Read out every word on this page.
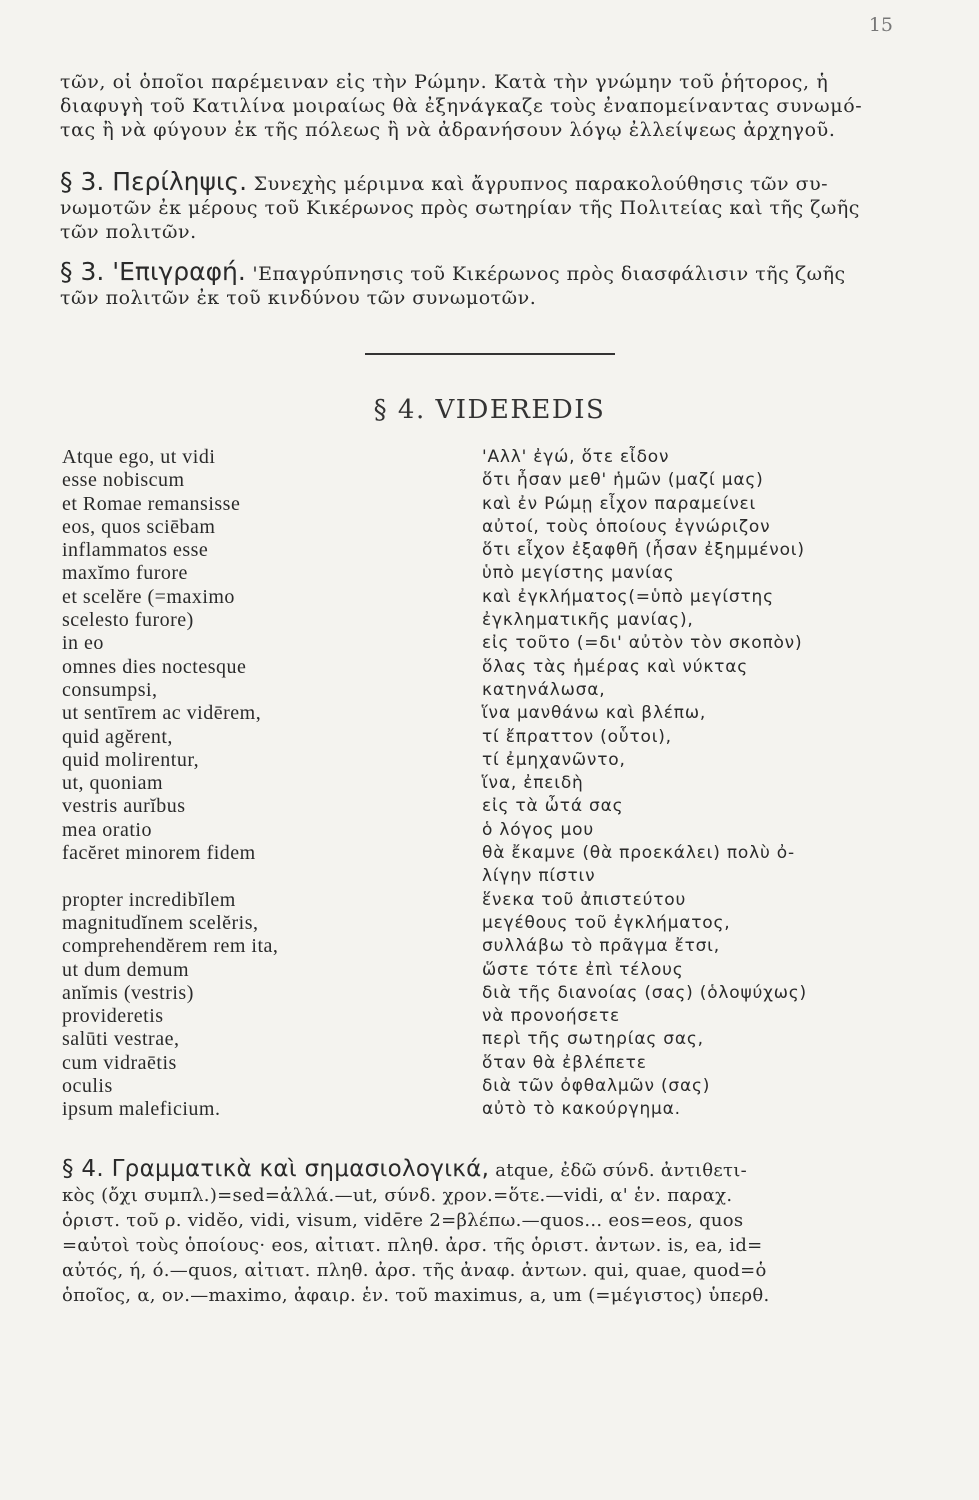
15
τῶν, οἱ ὁποῖοι παρέμειναν εἰς τὴν Ρώμην. Κατὰ τὴν γνώμην τοῦ ῥήτορος, ἡ
διαφυγὴ τοῦ Κατιλίνα μοιραίως θὰ ἐξηνάγκαζε τοὺς ἐναπομείναντας συνωμό-
τας ἢ νὰ φύγουν ἐκ τῆς πόλεως ἢ νὰ ἀδρανήσουν λόγῳ ἐλλείψεως ἀρχηγοῦ.
§ 3. Περίληψις. Συνεχὴς μέριμνα καὶ ἄγρυπνος παρακολούθησις τῶν συ-
νωμοτῶν ἐκ μέρους τοῦ Κικέρωνος πρὸς σωτηρίαν τῆς Πολιτείας καὶ τῆς ζωῆς
τῶν πολιτῶν.
§ 3. 'Επιγραφή. 'Επαγρύπνησις τοῦ Κικέρωνος πρὸς διασφάλισιν τῆς ζωῆς
τῶν πολιτῶν ἐκ τοῦ κινδύνου τῶν συνωμοτῶν.
§ 4. VIDEREDIS
Atque ego, ut vidi
esse nobiscum
et Romae remansisse
eos, quos sciēbam
inflammatos esse
maxĭmo furore
et scelĕre (=maximo
scelesto furore)
in eo
omnes dies noctesque
consumpsi,
ut sentīrem ac vidērem,
quid agĕrent,
quid molirentur,
ut, quoniam
vestris aurĭbus
mea oratio
facĕret minorem fidem
propter incredibĭlem
magnitudĭnem scelĕris,
comprehendĕrem rem ita,
ut dum demum
anĭmis (vestris)
provideretis
salūti vestrae,
cum vidraētis
oculis
ipsum maleficium.
'Αλλ' ἐγώ, ὅτε εἶδον
ὅτι ἦσαν μεθ' ἡμῶν (μαζί μας)
καὶ ἐν Ρώμῃ εἶχον παραμείνει
αὐτοί, τοὺς ὁποίους ἐγνώριζον
ὅτι εἶχον ἐξαφθῆ (ἦσαν ἐξημμένοι)
ὑπὸ μεγίστης μανίας
καὶ ἐγκλήματος(=ὑπὸ μεγίστης
ἐγκληματικῆς μανίας),
εἰς τοῦτο (=δι' αὐτὸν τὸν σκοπὸν)
ὅλας τὰς ἡμέρας καὶ νύκτας
κατηνάλωσα,
ἵνα μανθάνω καὶ βλέπω,
τί ἔπραττον (οὗτοι),
τί ἐμηχανῶντο,
ἵνα, ἐπειδὴ
εἰς τὰ ὦτά σας
ὁ λόγος μου
θὰ ἔκαμνε (θὰ προεκάλει) πολὺ ὀ-
λίγην πίστιν
ἕνεκα τοῦ ἀπιστεύτου
μεγέθους τοῦ ἐγκλήματος,
συλλάβω τὸ πρᾶγμα ἔτσι,
ὥστε τότε ἐπὶ τέλους
διὰ τῆς διανοίας (σας) (ὁλοψύχως)
νὰ προνοήσετε
περὶ τῆς σωτηρίας σας,
ὅταν θὰ ἐβλέπετε
διὰ τῶν ὀφθαλμῶν (σας)
αὐτὸ τὸ κακούργημα.
§ 4. Γραμματικὰ καὶ σημασιολογικά, atque, ἐδῶ σύνδ. ἀντιθετι-
κὸς (ὄχι συμπλ.)=sed=ἀλλά.—ut, σύνδ. χρον.=ὅτε.—vidi, α' ἑν. παραχ.
ὁριστ. τοῦ ρ. vidĕo, vidi, visum, vidēre 2=βλέπω.—quos... eos=eos, quos
=αὐτοὶ τοὺς ὁποίους· eos, αἰτιατ. πληθ. ἀρσ. τῆς ὁριστ. ἀντων. is, ea, id=
αὐτός, ή, ό.—quos, αἰτιατ. πληθ. ἀρσ. τῆς ἀναφ. ἀντων. qui, quae, quod=ὁ
ὁποῖος, α, ον.—maximo, ἀφαιρ. ἑν. τοῦ maximus, a, um (=μέγιστος) ὑπερθ.
